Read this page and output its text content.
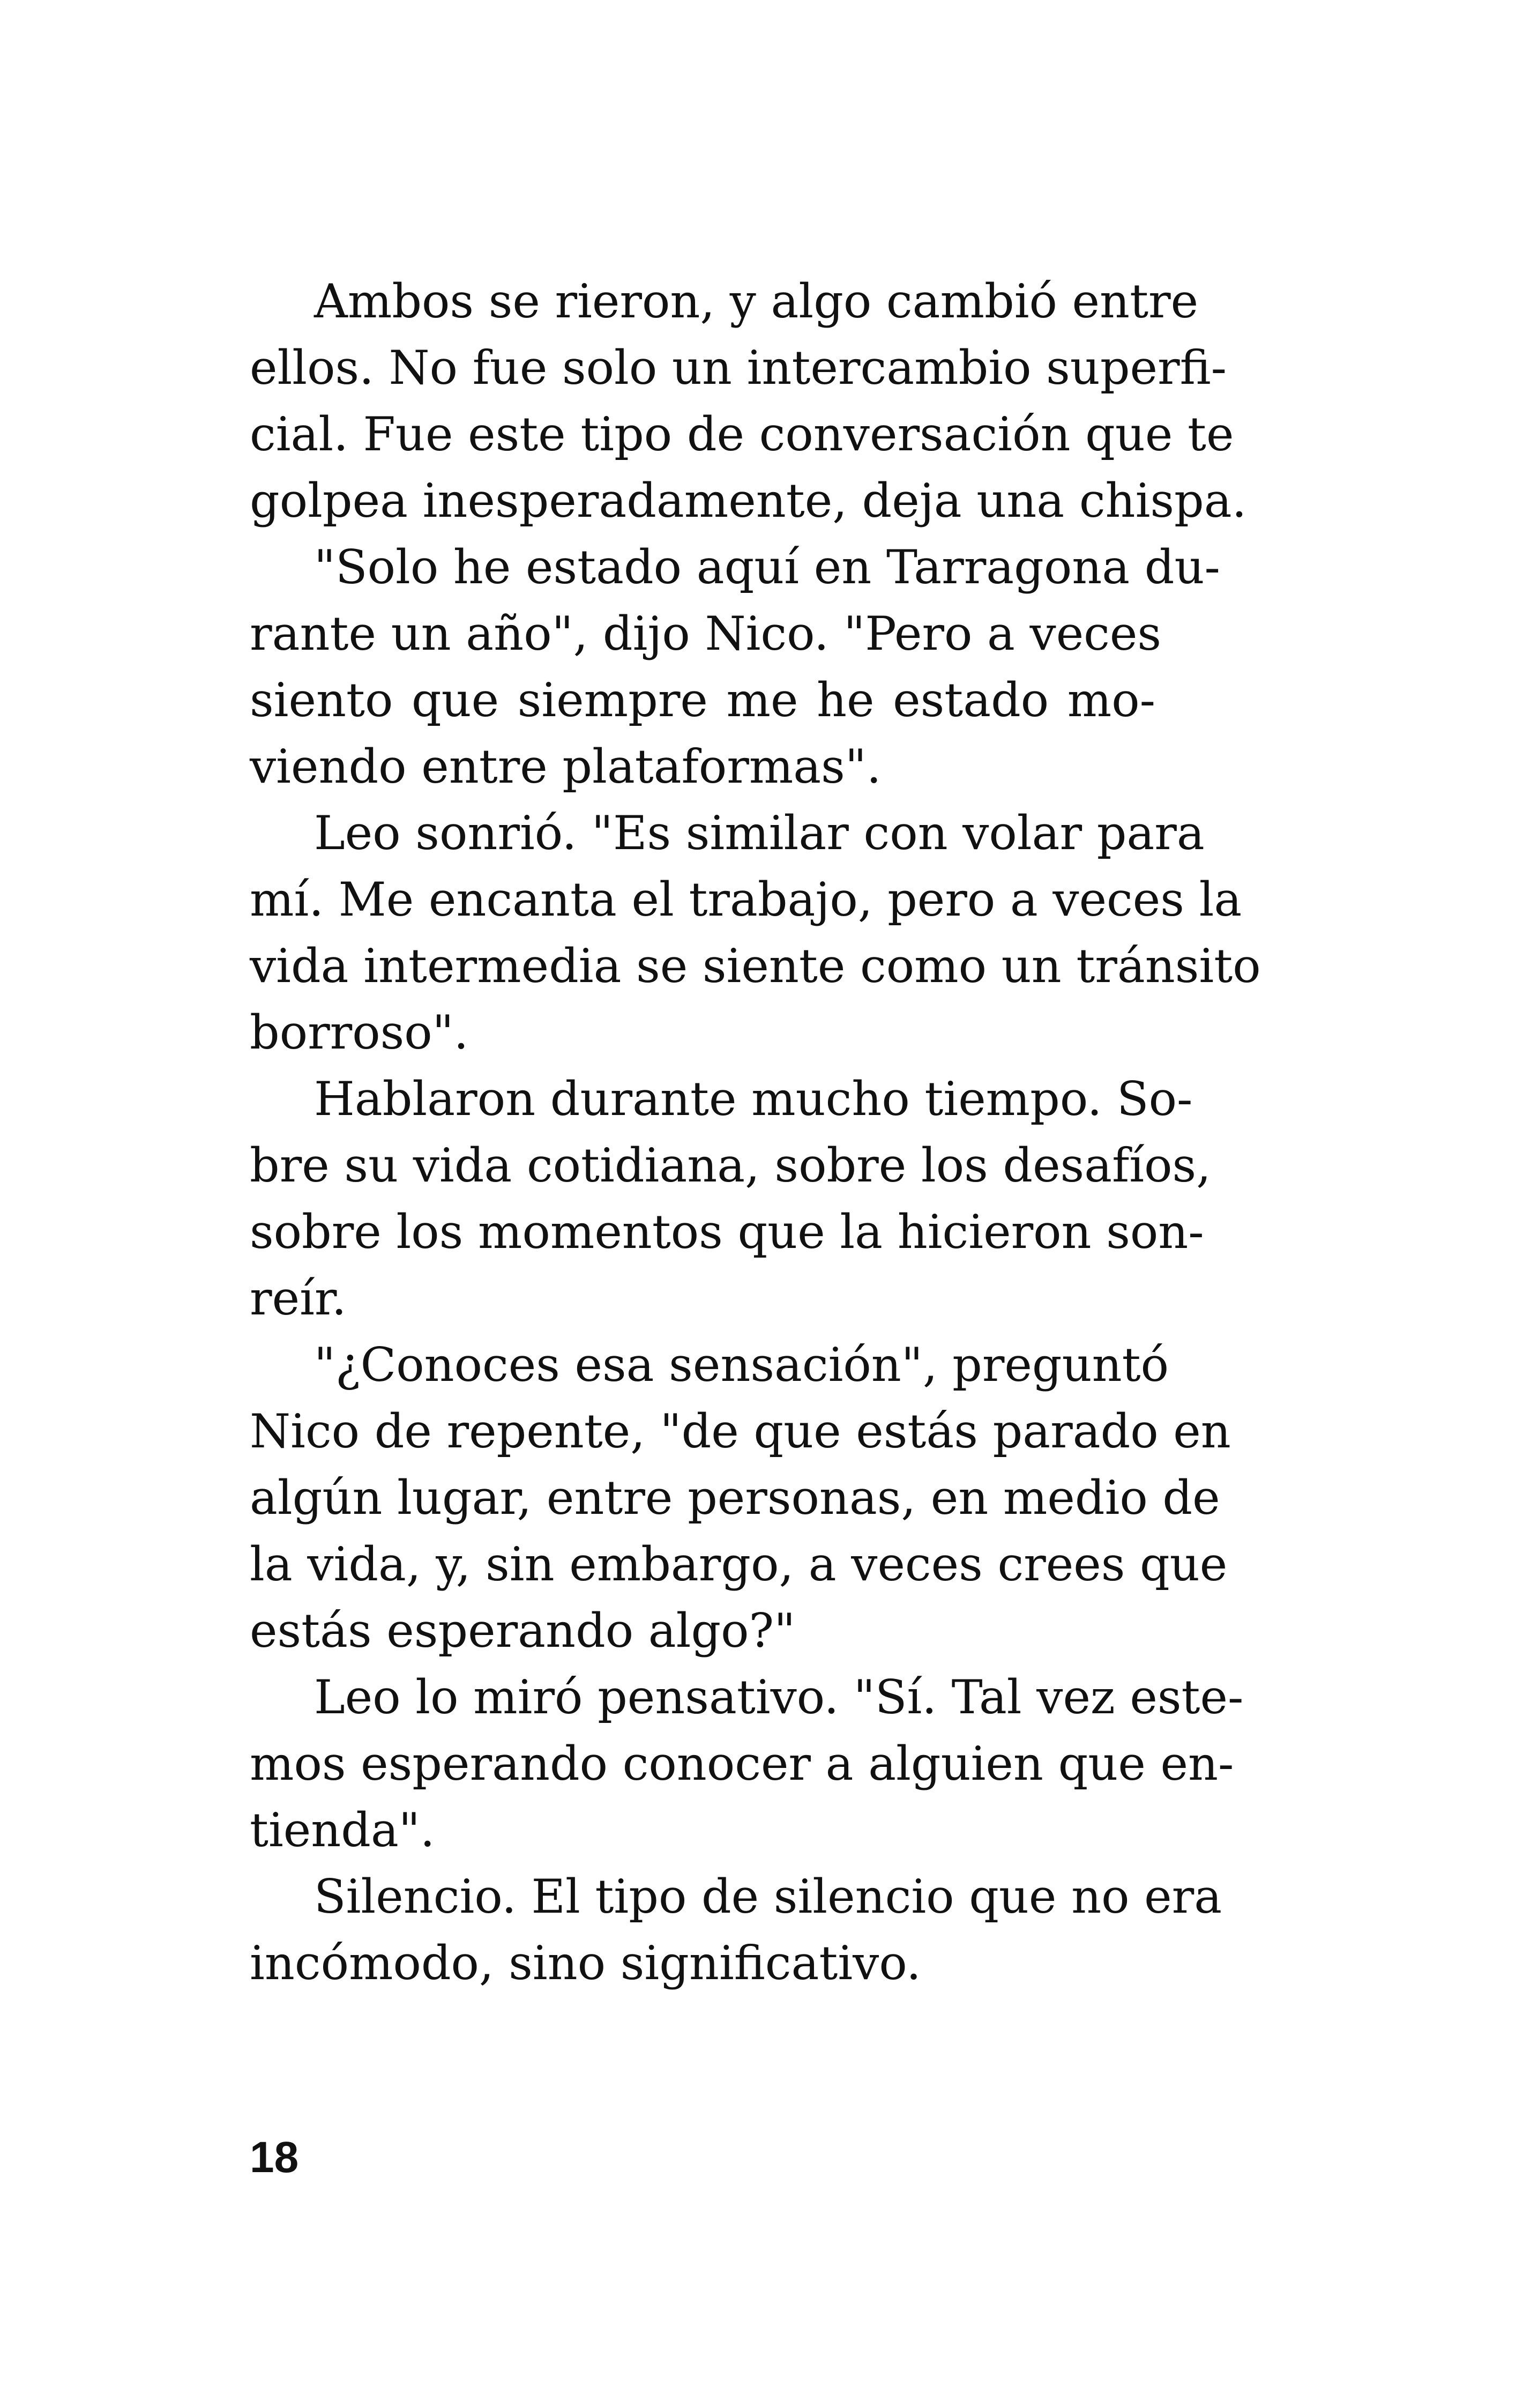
Ambos se rieron, y algo cambió entre
ellos. No fue solo un intercambio superfi-
cial. Fue este tipo de conversación que te
golpea inesperadamente, deja una chispa.
"Solo he estado aquí en Tarragona du-
rante un año", dijo Nico. "Pero a veces
siento que siempre me he estado mo-
viendo entre plataformas".
Leo sonrió. "Es similar con volar para
mí. Me encanta el trabajo, pero a veces la
vida intermedia se siente como un tránsito
borroso".
Hablaron durante mucho tiempo. So-
bre su vida cotidiana, sobre los desafíos,
sobre los momentos que la hicieron son-
reír.
"¿Conoces esa sensación", preguntó
Nico de repente, "de que estás parado en
algún lugar, entre personas, en medio de
la vida, y, sin embargo, a veces crees que
estás esperando algo?"
Leo lo miró pensativo. "Sí. Tal vez este-
mos esperando conocer a alguien que en-
tienda".
Silencio. El tipo de silencio que no era
incómodo, sino significativo.
18
